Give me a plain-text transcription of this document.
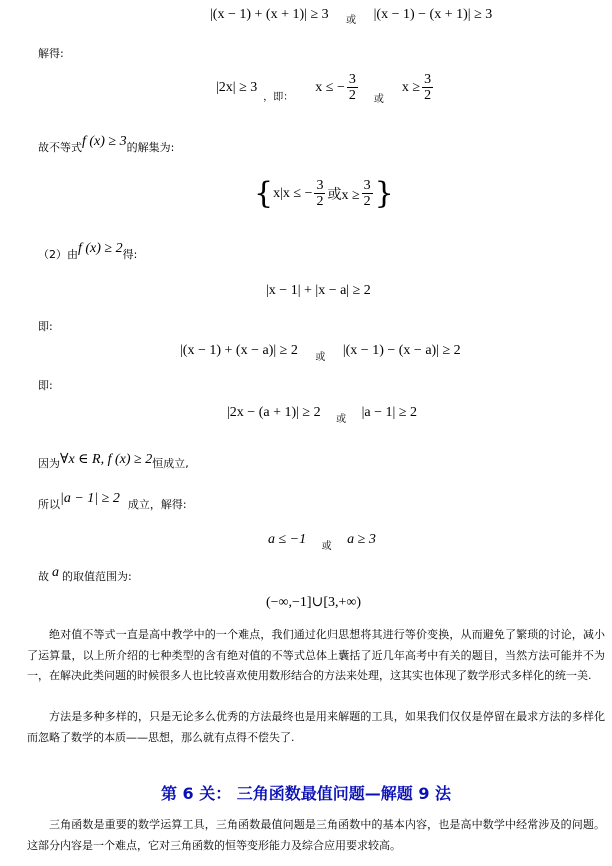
|(x − 1) + (x + 1)| ≥ 3 $_或$ |(x − 1) − (x + 1)| ≥ 3
解得:
|2x| ≥ 3
，即：
x ≤ − $\frac{3}{2}$ 或
$x \ge \frac{3}{2}$
故不等式f (x) ≥ 3的解集为:
{ x|x ≤ − $\frac{3}{2}$ 或$x \ge \frac{3}{2}$ }
（2）由f (x) ≥ 2得:
|x − 1| + |x − a| ≥ 2
即:
|(x − 1) + (x − a)| ≥ 2 $_或$ |(x − 1) − (x − a)| ≥ 2
即:
|2x − (a + 1)| ≥ 2 $_或$ |a − 1| ≥ 2
因为∀x ∈ R, f (x) ≥ 2恒成立,
所以|a − 1| ≥ 2 成立，解得:
a ≤ −1 $_或$ a ≥ 3
故 a 的取值范围为:
(−∞,−1]∪[3,+∞)
绝对值不等式一直是高中教学中的一个难点，我们通过化归思想将其进行等价变换，从而避免了繁琐的讨论，减小了运算量，以上所介绍的七种类型的含有绝对值的不等式总体上囊括了近几年高考中有关的题目，当然方法可能并不为一，在解决此类问题的时候很多人也比较喜欢使用数形结合的方法来处理，这其实也体现了数学形式多样化的统一美.
方法是多种多样的，只是无论多么优秀的方法最终也是用来解题的工具，如果我们仅仅是停留在最求方法的多样化而忽略了数学的本质——思想，那么就有点得不偿失了.
第 6 关： 三角函数最值问题—解题 9 法
三角函数是重要的数学运算工具，三角函数最值问题是三角函数中的基本内容，也是高中数学中经常涉及的问题。这部分内容是一个难点，它对三角函数的恒等变形能力及综合应用要求较高。
